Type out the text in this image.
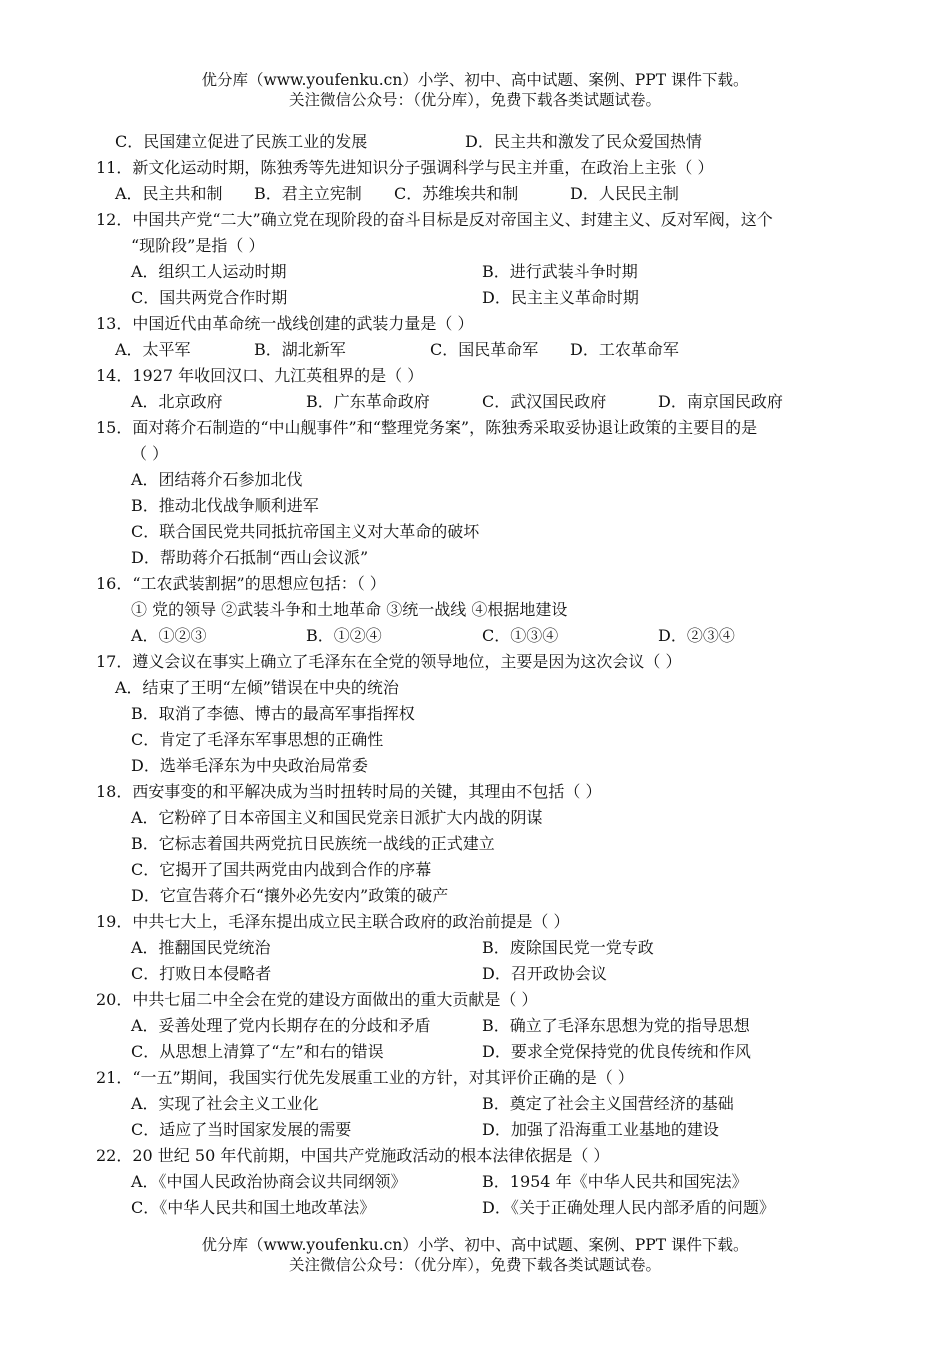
优分库（www.youfenku.cn）小学、初中、高中试题、案例、PPT 课件下载。
关注微信公众号：（优分库），免费下载各类试题试卷。
C．民国建立促进了民族工业的发展	D．民主共和激发了民众爱国热情
11．新文化运动时期，陈独秀等先进知识分子强调科学与民主并重，在政治上主张（ ）
A．民主共和制 B．君主立宪制 C．苏维埃共和制	D．人民民主制
12．中国共产党“二大”确立党在现阶段的奋斗目标是反对帝国主义、封建主义、反对军阀，这个
“现阶段”是指（ ）
A．组织工人运动时期	B．进行武装斗争时期
C．国共两党合作时期	D．民主主义革命时期
13．中国近代由革命统一战线创建的武装力量是（ ）
A．太平军	B．湖北新军	C．国民革命军 D．工农革命军
14．1927 年收回汉口、九江英租界的是（ ）
A．北京政府	B．广东革命政府	C．武汉国民政府	D．南京国民政府
15．面对蒋介石制造的“中山舰事件”和“整理党务案”，陈独秀采取妥协退让政策的主要目的是
（ ）
A．团结蒋介石参加北伐
B．推动北伐战争顺利进军
C．联合国民党共同抵抗帝国主义对大革命的破坏
D．帮助蒋介石抵制“西山会议派”
16．“工农武装割据”的思想应包括：（ ）
① 党的领导 ②武装斗争和土地革命 ③统一战线 ④根据地建设
A．①②③	B．①②④	C．①③④	D．②③④
17．遵义会议在事实上确立了毛泽东在全党的领导地位，主要是因为这次会议（ ）
A．结束了王明“左倾”错误在中央的统治
B．取消了李德、博古的最高军事指挥权
C．肯定了毛泽东军事思想的正确性
D．选举毛泽东为中央政治局常委
18．西安事变的和平解决成为当时扭转时局的关键，其理由不包括（ ）
A．它粉碎了日本帝国主义和国民党亲日派扩大内战的阴谋
B．它标志着国共两党抗日民族统一战线的正式建立
C．它揭开了国共两党由内战到合作的序幕
D．它宣告蒋介石“攘外必先安内”政策的破产
19．中共七大上，毛泽东提出成立民主联合政府的政治前提是（ ）
A．推翻国民党统治	B．废除国民党一党专政
C．打败日本侵略者	D．召开政协会议
20．中共七届二中全会在党的建设方面做出的重大贡献是（ ）
A．妥善处理了党内长期存在的分歧和矛盾	B．确立了毛泽东思想为党的指导思想
C．从思想上清算了“左”和右的错误	D．要求全党保持党的优良传统和作风
21．“一五”期间，我国实行优先发展重工业的方针，对其评价正确的是（ ）
A．实现了社会主义工业化	B．奠定了社会主义国营经济的基础
C．适应了当时国家发展的需要	D．加强了沿海重工业基地的建设
22．20 世纪 50 年代前期，中国共产党施政活动的根本法律依据是（ ）
A．《中国人民政治协商会议共同纲领》	B．1954 年《中华人民共和国宪法》
C．《中华人民共和国土地改革法》	D．《关于正确处理人民内部矛盾的问题》
优分库（www.youfenku.cn）小学、初中、高中试题、案例、PPT 课件下载。
关注微信公众号：（优分库），免费下载各类试题试卷。
